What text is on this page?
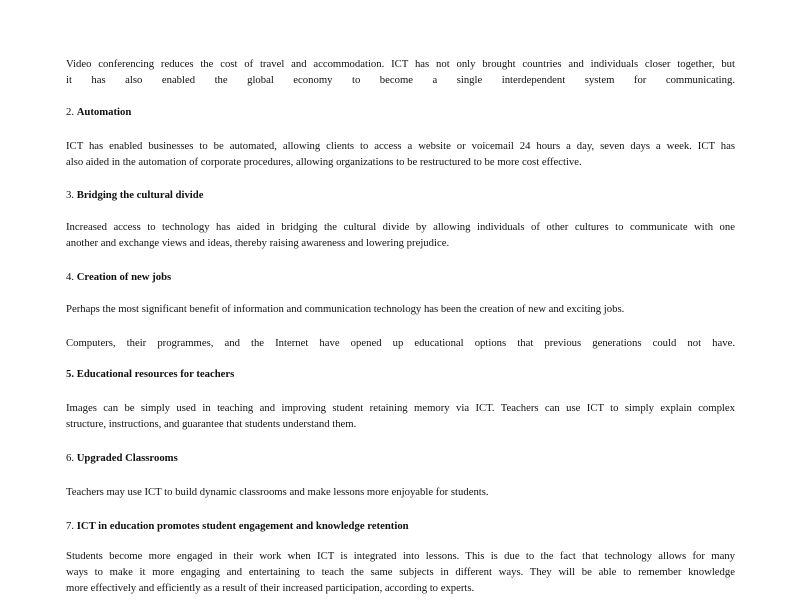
Video conferencing reduces the cost of travel and accommodation. ICT has not only brought countries and individuals closer together, but
it has also enabled the global economy to become a single interdependent system for communicating.
2. Automation
ICT has enabled businesses to be automated, allowing clients to access a website or voicemail 24 hours a day, seven days a week. ICT has
also aided in the automation of corporate procedures, allowing organizations to be restructured to be more cost effective.
3. Bridging the cultural divide
Increased access to technology has aided in bridging the cultural divide by allowing individuals of other cultures to communicate with one
another and exchange views and ideas, thereby raising awareness and lowering prejudice.
4. Creation of new jobs
Perhaps the most significant benefit of information and communication technology has been the creation of new and exciting jobs.
Computers, their programmes, and the Internet have opened up educational options that previous generations could not have.
5. Educational resources for teachers
Images can be simply used in teaching and improving student retaining memory via ICT. Teachers can use ICT to simply explain complex
structure, instructions, and guarantee that students understand them.
6. Upgraded Classrooms
Teachers may use ICT to build dynamic classrooms and make lessons more enjoyable for students.
7. ICT in education promotes student engagement and knowledge retention
Students become more engaged in their work when ICT is integrated into lessons. This is due to the fact that technology allows for many
ways to make it more engaging and entertaining to teach the same subjects in different ways. They will be able to remember knowledge
more effectively and efficiently as a result of their increased participation, according to experts.
